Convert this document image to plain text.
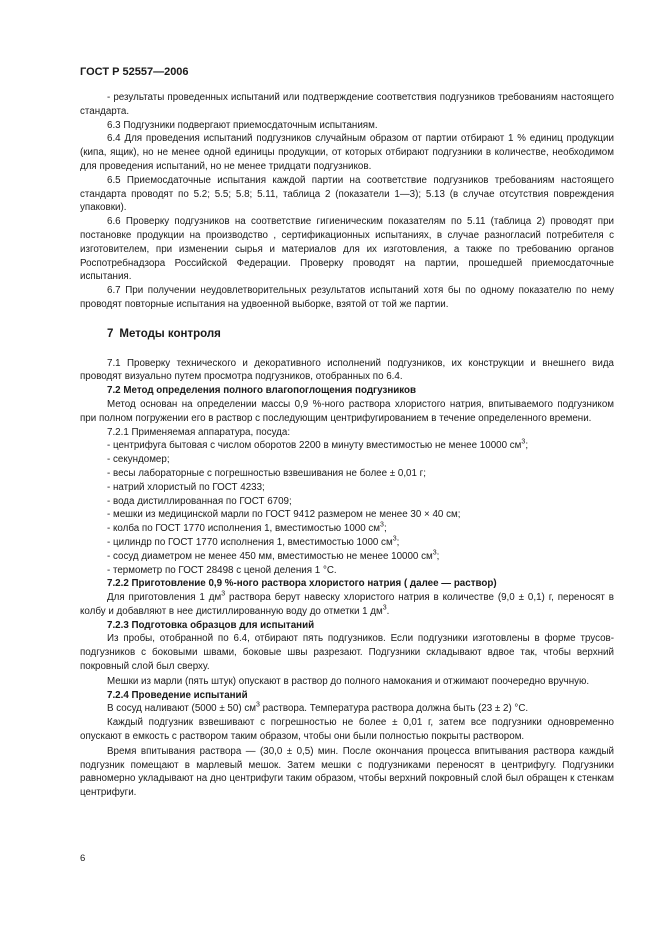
ГОСТ Р 52557—2006

- результаты проведенных испытаний или подтверждение соответствия подгузников требованиям настоящего стандарта.

6.3 Подгузники подвергают приемосдаточным испытаниям.

6.4 Для проведения испытаний подгузников случайным образом от партии отбирают 1 % единиц продукции (кипа, ящик), но не менее одной единицы продукции, от которых отбирают подгузники в количестве, необходимом для проведения испытаний, но не менее тридцати подгузников.

6.5 Приемосдаточные испытания каждой партии на соответствие подгузников требованиям настоящего стандарта проводят по 5.2; 5.5; 5.8; 5.11, таблица 2 (показатели 1—3); 5.13 (в случае отсутствия повреждения упаковки).

6.6 Проверку подгузников на соответствие гигиеническим показателям по 5.11 (таблица 2) проводят при постановке продукции на производство , сертификационных испытаниях, в случае разногласий потребителя с изготовителем, при изменении сырья и материалов для их изготовления, а также по требованию органов Роспотребнадзора Российской Федерации. Проверку проводят на партии, прошедшей приемосдаточные испытания.

6.7 При получении неудовлетворительных результатов испытаний хотя бы по одному показателю по нему проводят повторные испытания на удвоенной выборке, взятой от той же партии.

7 Методы контроля

7.1 Проверку технического и декоративного исполнений подгузников, их конструкции и внешнего вида проводят визуально путем просмотра подгузников, отобранных по 6.4.

7.2 Метод определения полного влагопоглощения подгузников

Метод основан на определении массы 0,9 %-ного раствора хлористого натрия, впитываемого подгузником при полном погружении его в раствор с последующим центрифугированием в течение определенного времени.

7.2.1 Применяемая аппаратура, посуда:

- центрифуга бытовая с числом оборотов 2200 в минуту вместимостью не менее 10000 $см^3$;

- секундомер;

- весы лабораторные с погрешностью взвешивания не более ± 0,01 г;

- натрий хлористый по ГОСТ 4233;

- вода дистиллированная по ГОСТ 6709;

- мешки из медицинской марли по ГОСТ 9412 размером не менее 30 × 40 см;

- колба по ГОСТ 1770 исполнения 1, вместимостью 1000 $см^3$;

- цилиндр по ГОСТ 1770 исполнения 1, вместимостью 1000 $см^3$;

- сосуд диаметром не менее 450 мм, вместимостью не менее 10000 $см^3$;

- термометр по ГОСТ 28498 с ценой деления 1 °С.

7.2.2 Приготовление 0,9 %-ного раствора хлористого натрия ( далее — раствор)

Для приготовления 1 $дм^3$ раствора берут навеску хлористого натрия в количестве (9,0 ± 0,1) г, переносят в колбу и добавляют в нее дистиллированную воду до отметки 1 $дм^3$.

7.2.3 Подготовка образцов для испытаний

Из пробы, отобранной по 6.4, отбирают пять подгузников. Если подгузники изготовлены в форме трусов-подгузников с боковыми швами, боковые швы разрезают. Подгузники складывают вдвое так, чтобы верхний покровный слой был сверху.

Мешки из марли (пять штук) опускают в раствор до полного намокания и отжимают поочередно вручную.

7.2.4 Проведение испытаний

В сосуд наливают (5000 ± 50) $см^3$ раствора. Температура раствора должна быть (23 ± 2) °С.

Каждый подгузник взвешивают с погрешностью не более ± 0,01 г, затем все подгузники одновременно опускают в емкость с раствором таким образом, чтобы они были полностью покрыты раствором.

Время впитывания раствора — (30,0 ± 0,5) мин. После окончания процесса впитывания раствора каждый подгузник помещают в марлевый мешок. Затем мешки с подгузниками переносят в центрифугу. Подгузники равномерно укладывают на дно центрифуги таким образом, чтобы верхний покровный слой был обращен к стенкам центрифуги.

6
